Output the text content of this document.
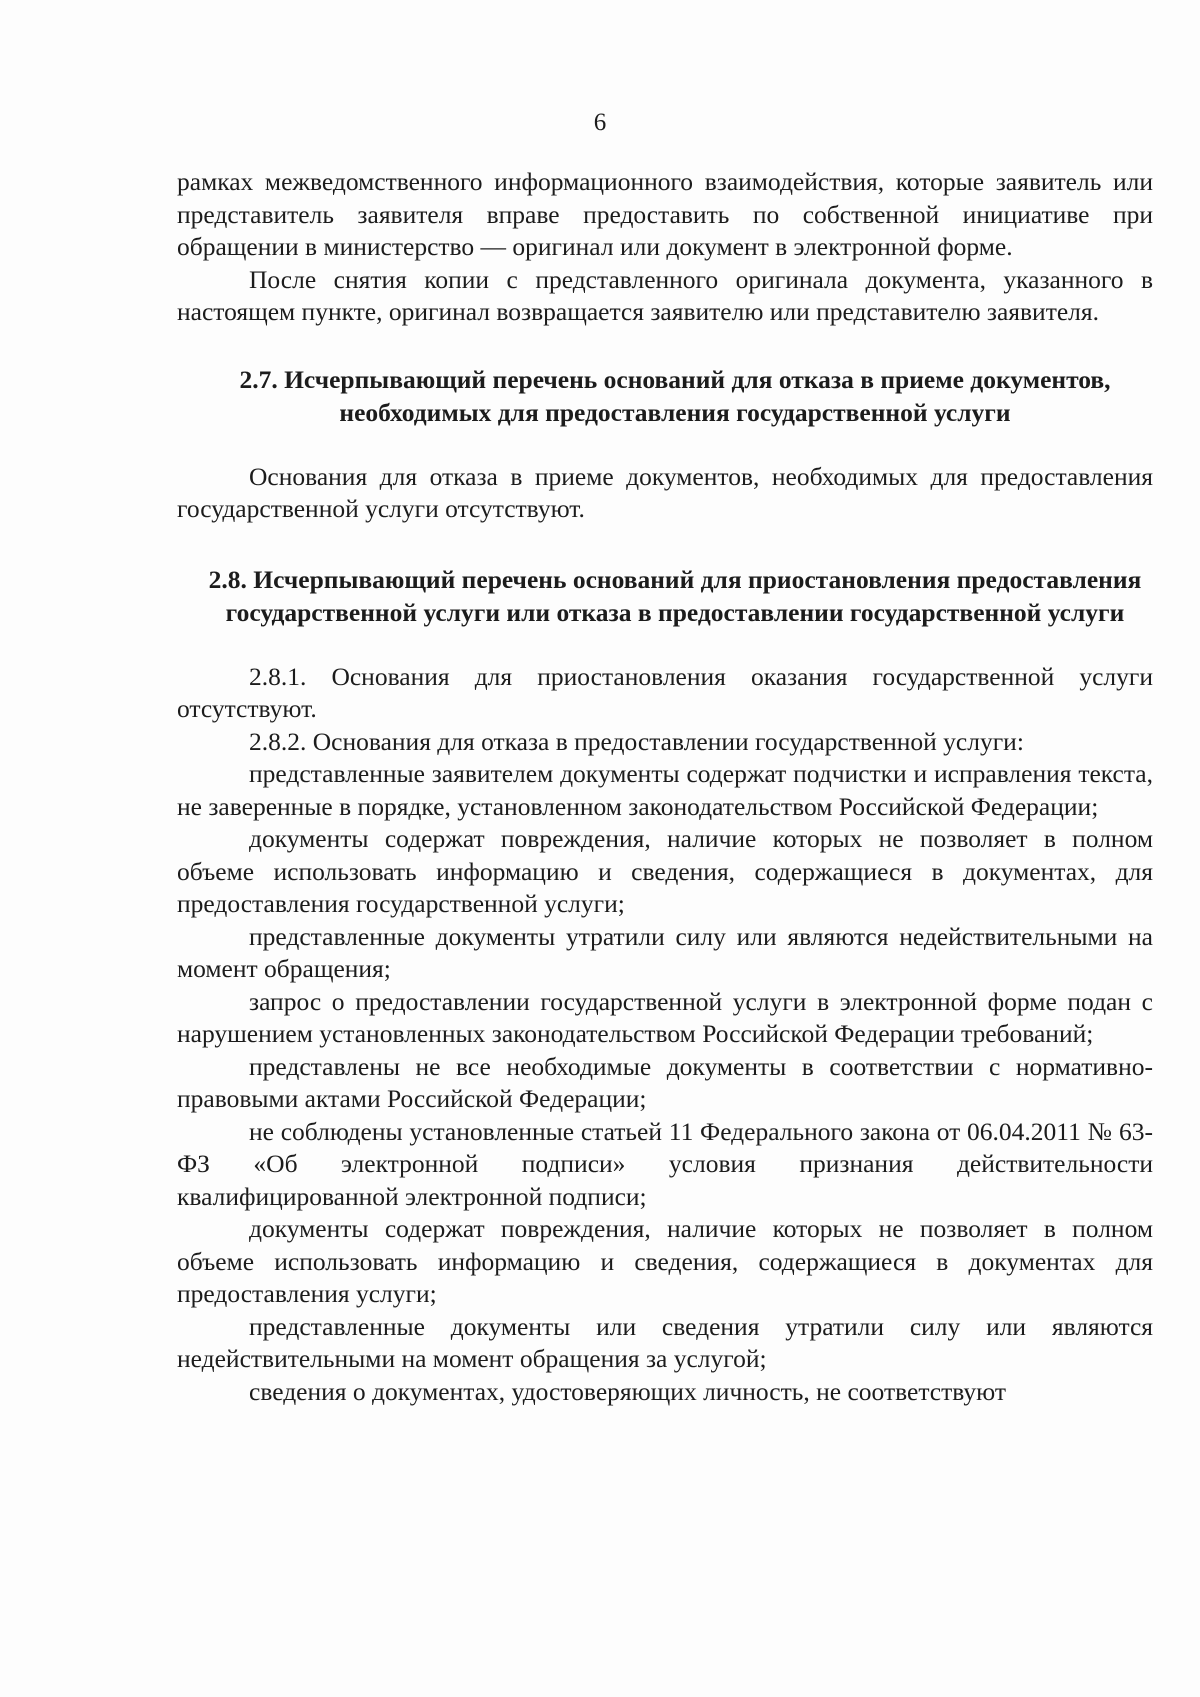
6

рамках межведомственного информационного взаимодействия, которые заявитель или представитель заявителя вправе предоставить по собственной инициативе при обращении в министерство — оригинал или документ в электронной форме.

После снятия копии с представленного оригинала документа, указанного в настоящем пункте, оригинал возвращается заявителю или представителю заявителя.

2.7. Исчерпывающий перечень оснований для отказа в приеме документов, необходимых для предоставления государственной услуги

Основания для отказа в приеме документов, необходимых для предоставления государственной услуги отсутствуют.

2.8. Исчерпывающий перечень оснований для приостановления предоставления государственной услуги или отказа в предоставлении государственной услуги

2.8.1. Основания для приостановления оказания государственной услуги отсутствуют.

2.8.2. Основания для отказа в предоставлении государственной услуги:

представленные заявителем документы содержат подчистки и исправления текста, не заверенные в порядке, установленном законодательством Российской Федерации;

документы содержат повреждения, наличие которых не позволяет в полном объеме использовать информацию и сведения, содержащиеся в документах, для предоставления государственной услуги;

представленные документы утратили силу или являются недействительными на момент обращения;

запрос о предоставлении государственной услуги в электронной форме подан с нарушением установленных законодательством Российской Федерации требований;

представлены не все необходимые документы в соответствии с нормативно-правовыми актами Российской Федерации;

не соблюдены установленные статьей 11 Федерального закона от 06.04.2011 № 63-ФЗ «Об электронной подписи» условия признания действительности квалифицированной электронной подписи;

документы содержат повреждения, наличие которых не позволяет в полном объеме использовать информацию и сведения, содержащиеся в документах для предоставления услуги;

представленные документы или сведения утратили силу или являются недействительными на момент обращения за услугой;

сведения о документах, удостоверяющих личность, не соответствуют
